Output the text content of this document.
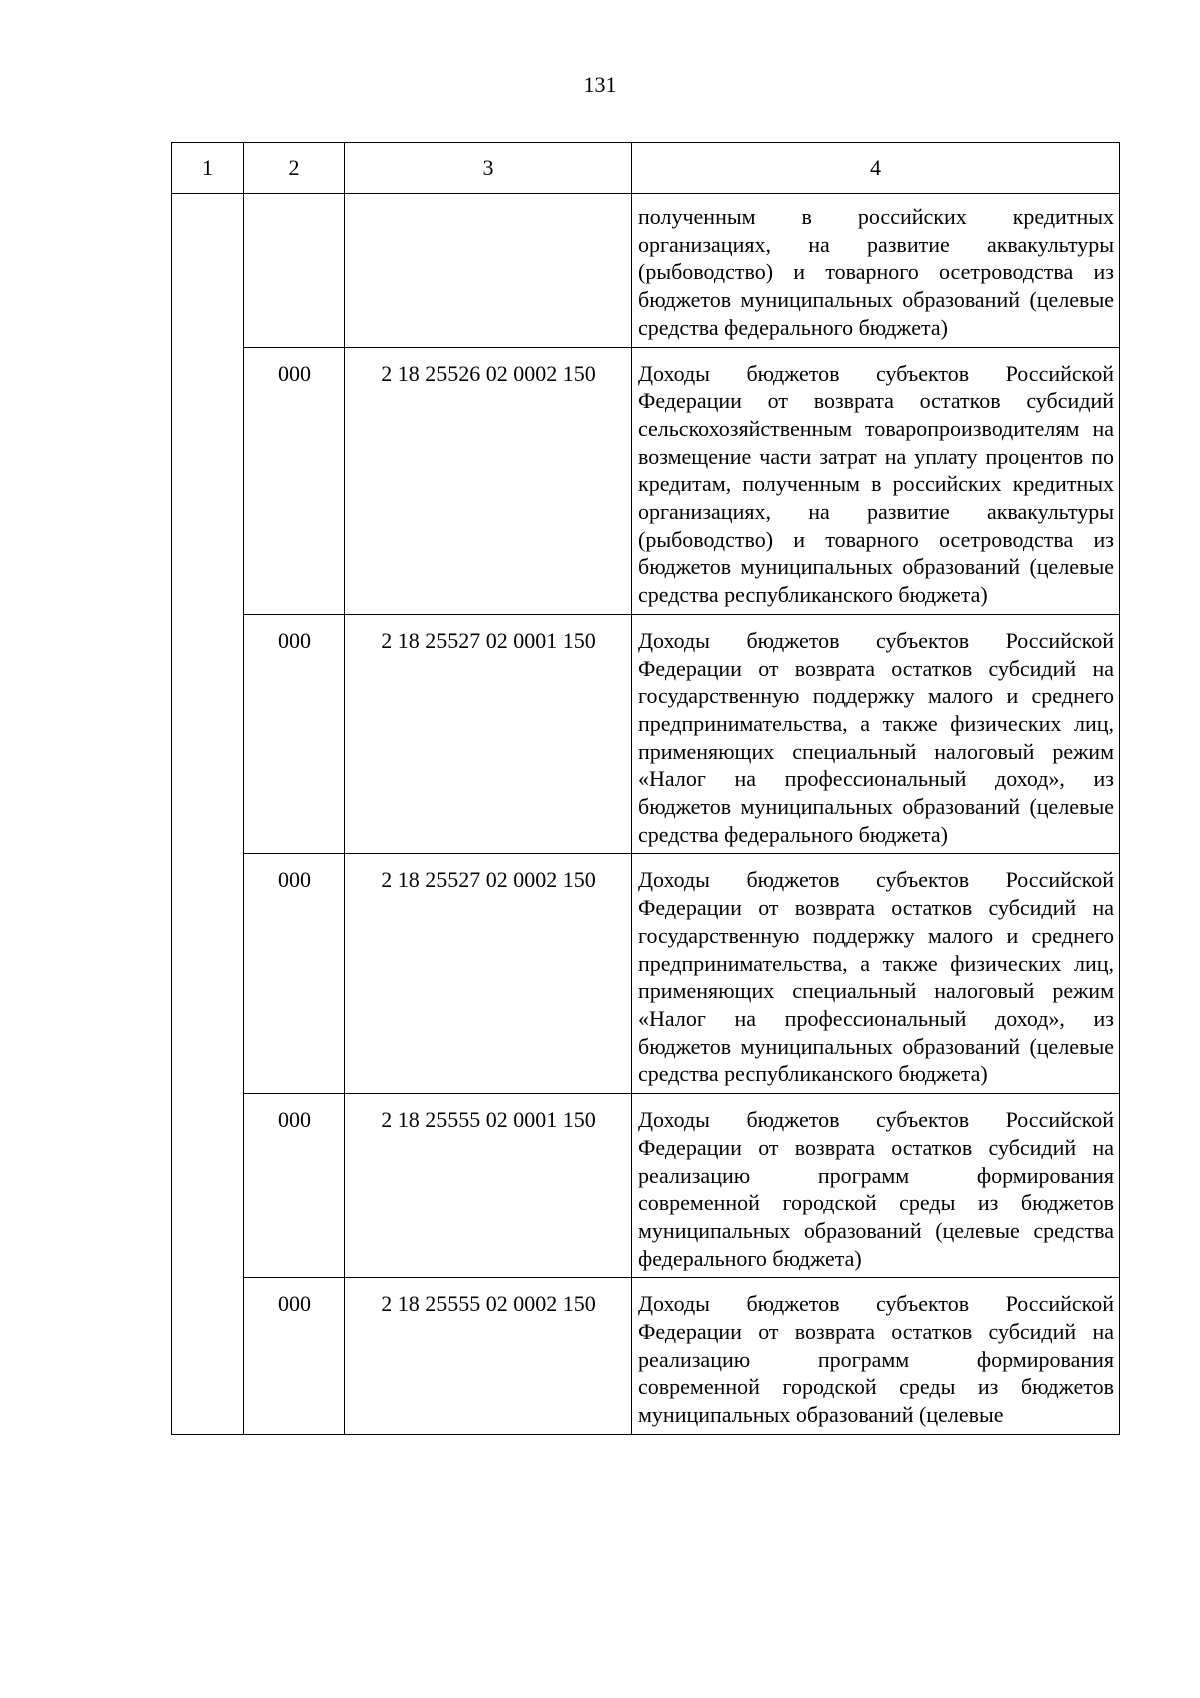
131
1	2	3	4
			полученным в российских кредитных организациях, на развитие аквакультуры (рыбоводство) и товарного осетроводства из бюджетов муниципальных образований (целевые средства федерального бюджета)
	000	2 18 25526 02 0002 150	Доходы бюджетов субъектов Российской Федерации от возврата остатков субсидий сельскохозяйственным товаропроизводителям на возмещение части затрат на уплату процентов по кредитам, полученным в российских кредитных организациях, на развитие аквакультуры (рыбоводство) и товарного осетроводства из бюджетов муниципальных образований (целевые средства республиканского бюджета)
	000	2 18 25527 02 0001 150	Доходы бюджетов субъектов Российской Федерации от возврата остатков субсидий на государственную поддержку малого и среднего предпринимательства, а также физических лиц, применяющих специальный налоговый режим «Налог на профессиональный доход», из бюджетов муниципальных образований (целевые средства федерального бюджета)
	000	2 18 25527 02 0002 150	Доходы бюджетов субъектов Российской Федерации от возврата остатков субсидий на государственную поддержку малого и среднего предпринимательства, а также физических лиц, применяющих специальный налоговый режим «Налог на профессиональный доход», из бюджетов муниципальных образований (целевые средства республиканского бюджета)
	000	2 18 25555 02 0001 150	Доходы бюджетов субъектов Российской Федерации от возврата остатков субсидий на реализацию программ формирования современной городской среды из бюджетов муниципальных образований (целевые средства федерального бюджета)
	000	2 18 25555 02 0002 150	Доходы бюджетов субъектов Российской Федерации от возврата остатков субсидий на реализацию программ формирования современной городской среды из бюджетов муниципальных образований (целевые
